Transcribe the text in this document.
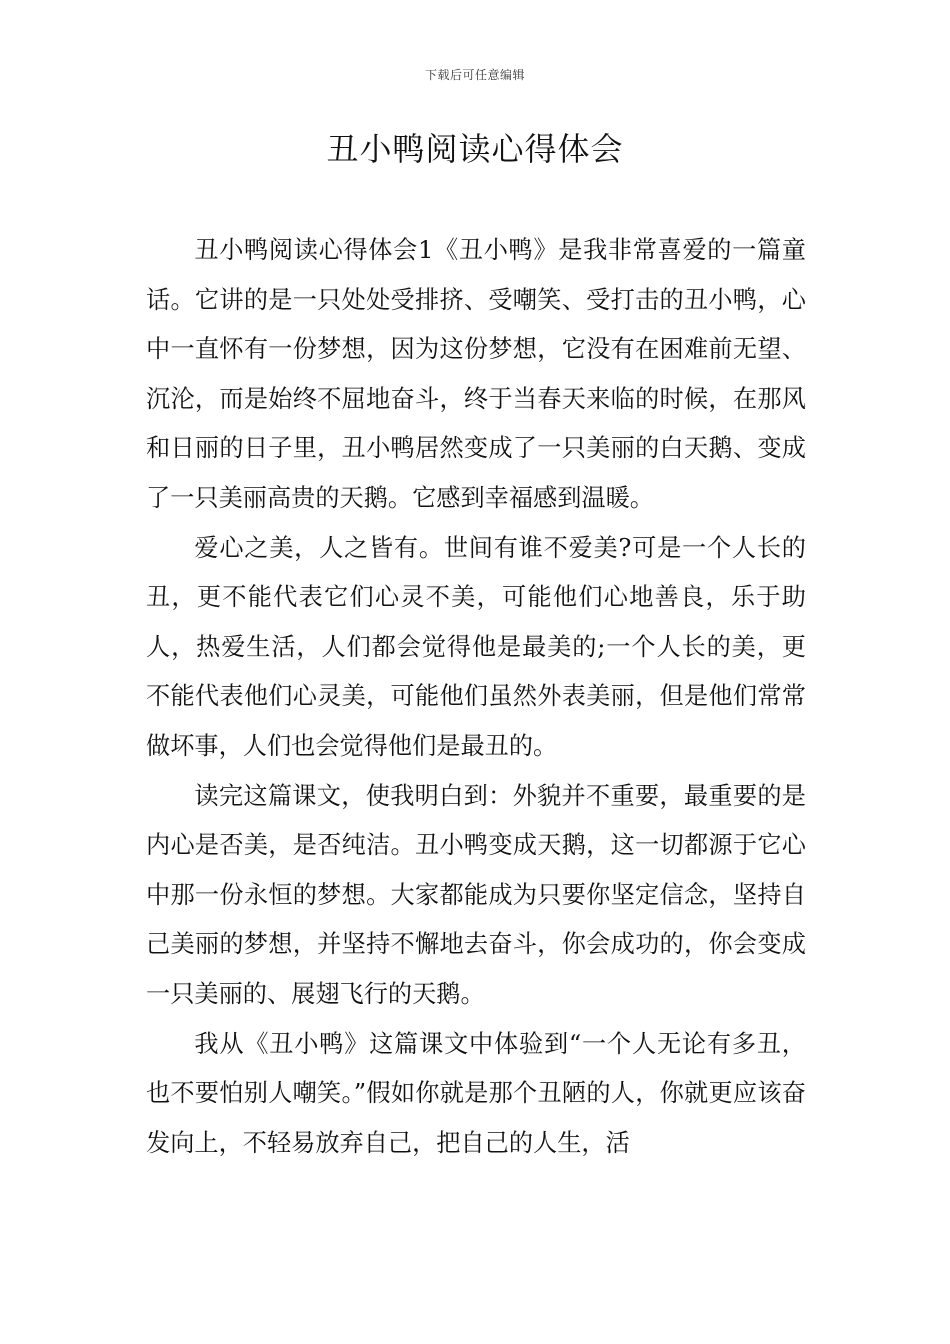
下载后可任意编辑
丑小鸭阅读心得体会

丑小鸭阅读心得体会1《丑小鸭》是我非常喜爱的一篇童话。它讲的是一只处处受排挤、受嘲笑、受打击的丑小鸭，心中一直怀有一份梦想，因为这份梦想，它没有在困难前无望、沉沦，而是始终不屈地奋斗，终于当春天来临的时候，在那风和日丽的日子里，丑小鸭居然变成了一只美丽的白天鹅、变成了一只美丽高贵的天鹅。它感到幸福感到温暖。

爱心之美，人之皆有。世间有谁不爱美?可是一个人长的丑，更不能代表它们心灵不美，可能他们心地善良，乐于助人，热爱生活，人们都会觉得他是最美的;一个人长的美，更不能代表他们心灵美，可能他们虽然外表美丽，但是他们常常做坏事，人们也会觉得他们是最丑的。

读完这篇课文，使我明白到：外貌并不重要，最重要的是内心是否美，是否纯洁。丑小鸭变成天鹅，这一切都源于它心中那一份永恒的梦想。大家都能成为只要你坚定信念，坚持自己美丽的梦想，并坚持不懈地去奋斗，你会成功的，你会变成一只美丽的、展翅飞行的天鹅。

我从《丑小鸭》这篇课文中体验到“一个人无论有多丑，也不要怕别人嘲笑。”假如你就是那个丑陋的人，你就更应该奋发向上，不轻易放弃自己，把自己的人生，活
